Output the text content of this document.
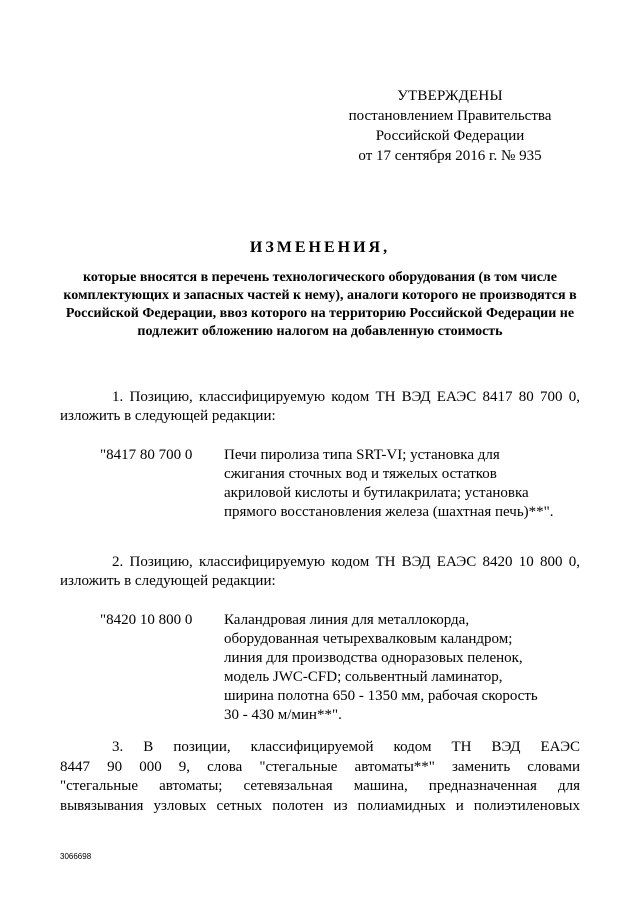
УТВЕРЖДЕНЫ
постановлением Правительства
Российской Федерации
от 17 сентября 2016 г. № 935
ИЗМЕНЕНИЯ,
которые вносятся в перечень технологического оборудования (в том числе комплектующих и запасных частей к нему), аналоги которого не производятся в Российской Федерации, ввоз которого на территорию Российской Федерации не подлежит обложению налогом на добавленную стоимость
1. Позицию, классифицируемую кодом ТН ВЭД ЕАЭС 8417 80 700 0, изложить в следующей редакции:
"8417 80 700 0 Печи пиролиза типа SRT-VI; установка для сжигания сточных вод и тяжелых остатков акриловой кислоты и бутилакрилата; установка прямого восстановления железа (шахтная печь)**".
2. Позицию, классифицируемую кодом ТН ВЭД ЕАЭС 8420 10 800 0, изложить в следующей редакции:
"8420 10 800 0 Каландровая линия для металлокорда, оборудованная четырехвалковым каландром; линия для производства одноразовых пеленок, модель JWC-CFD; сольвентный ламинатор, ширина полотна 650 - 1350 мм, рабочая скорость 30 - 430 м/мин**".
3. В позиции, классифицируемой кодом ТН ВЭД ЕАЭС
8447 90 000 9, слова "стегальные автоматы**" заменить словами
"стегальные автоматы; сетевязальная машина, предназначенная для
вывязывания узловых сетных полотен из полиамидных и полиэтиленовых
3066698
